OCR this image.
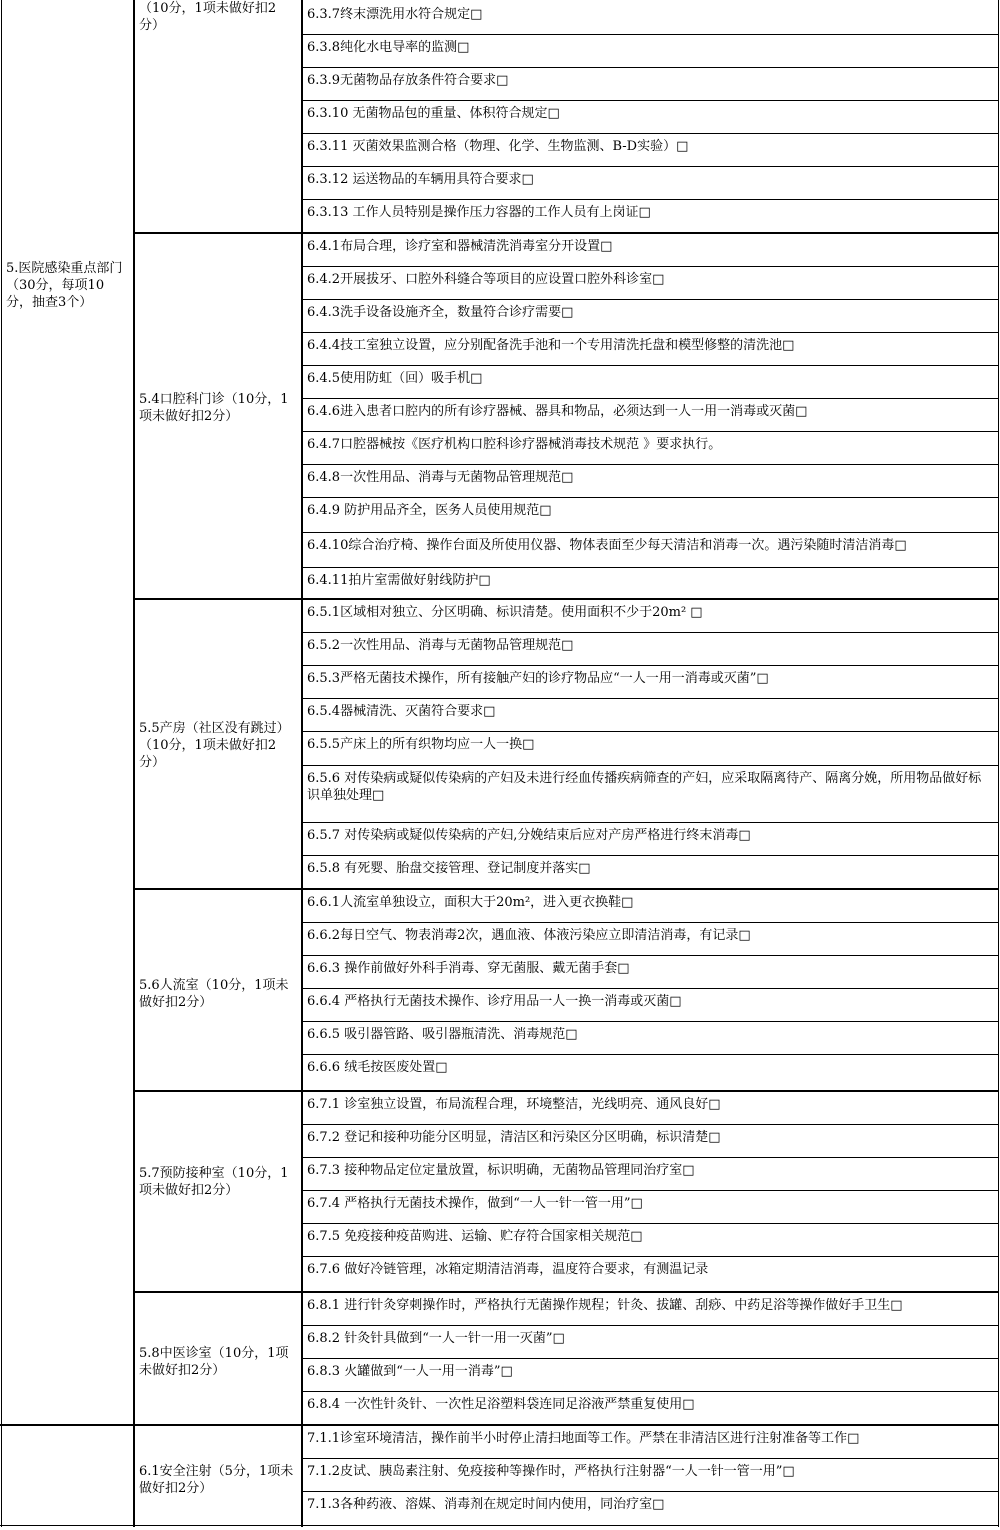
5.医院感染重点部门（30分，每项10分，抽查3个）
（10分，1项未做好扣2分）
6.3.7终末漂洗用水符合规定□
6.3.8纯化水电导率的监测□
6.3.9无菌物品存放条件符合要求□
6.3.10 无菌物品包的重量、体积符合规定□
6.3.11 灭菌效果监测合格（物理、化学、生物监测、B-D实验）□
6.3.12 运送物品的车辆用具符合要求□
6.3.13 工作人员特别是操作压力容器的工作人员有上岗证□
5.4口腔科门诊（10分，1项未做好扣2分）
6.4.1布局合理，诊疗室和器械清洗消毒室分开设置□
6.4.2开展拔牙、口腔外科缝合等项目的应设置口腔外科诊室□
6.4.3洗手设备设施齐全，数量符合诊疗需要□
6.4.4技工室独立设置，应分别配备洗手池和一个专用清洗托盘和模型修整的清洗池□
6.4.5使用防虹（回）吸手机□
6.4.6进入患者口腔内的所有诊疗器械、器具和物品，必须达到一人一用一消毒或灭菌□
6.4.7口腔器械按《医疗机构口腔科诊疗器械消毒技术规范 》要求执行。
6.4.8一次性用品、消毒与无菌物品管理规范□
6.4.9 防护用品齐全，医务人员使用规范□
6.4.10综合治疗椅、操作台面及所使用仪器、物体表面至少每天清洁和消毒一次。遇污染随时清洁消毒□
6.4.11拍片室需做好射线防护□
5.5产房（社区没有跳过）（10分，1项未做好扣2分）
6.5.1区域相对独立、分区明确、标识清楚。使用面积不少于20m² □
6.5.2一次性用品、消毒与无菌物品管理规范□
6.5.3严格无菌技术操作，所有接触产妇的诊疗物品应“一人一用一消毒或灭菌”□
6.5.4器械清洗、灭菌符合要求□
6.5.5产床上的所有织物均应一人一换□
6.5.6 对传染病或疑似传染病的产妇及未进行经血传播疾病筛查的产妇，应采取隔离待产、隔离分娩，所用物品做好标识单独处理□
6.5.7 对传染病或疑似传染病的产妇,分娩结束后应对产房严格进行终末消毒□
6.5.8 有死婴、胎盘交接管理、登记制度并落实□
5.6人流室（10分，1项未做好扣2分）
6.6.1人流室单独设立，面积大于20m²，进入更衣换鞋□
6.6.2每日空气、物表消毒2次，遇血液、体液污染应立即清洁消毒，有记录□
6.6.3 操作前做好外科手消毒、穿无菌服、戴无菌手套□
6.6.4 严格执行无菌技术操作、诊疗用品一人一换一消毒或灭菌□
6.6.5 吸引器管路、吸引器瓶清洗、消毒规范□
6.6.6 绒毛按医废处置□
5.7预防接种室（10分，1项未做好扣2分）
6.7.1 诊室独立设置，布局流程合理，环境整洁，光线明亮、通风良好□
6.7.2 登记和接种功能分区明显，清洁区和污染区分区明确，标识清楚□
6.7.3 接种物品定位定量放置，标识明确，无菌物品管理同治疗室□
6.7.4 严格执行无菌技术操作，做到“一人一针一管一用”□
6.7.5 免疫接种疫苗购进、运输、贮存符合国家相关规范□
6.7.6 做好冷链管理，冰箱定期清洁消毒，温度符合要求，有测温记录
5.8中医诊室（10分，1项未做好扣2分）
6.8.1 进行针灸穿刺操作时，严格执行无菌操作规程；针灸、拔罐、刮痧、中药足浴等操作做好手卫生□
6.8.2 针灸针具做到“一人一针一用一灭菌”□
6.8.3 火罐做到“一人一用一消毒”□
6.8.4 一次性针灸针、一次性足浴塑料袋连同足浴液严禁重复使用□
6.1安全注射（5分，1项未做好扣2分）
7.1.1诊室环境清洁，操作前半小时停止清扫地面等工作。严禁在非清洁区进行注射准备等工作□
7.1.2皮试、胰岛素注射、免疫接种等操作时，严格执行注射器“一人一针一管一用”□
7.1.3各种药液、溶媒、消毒剂在规定时间内使用，同治疗室□
